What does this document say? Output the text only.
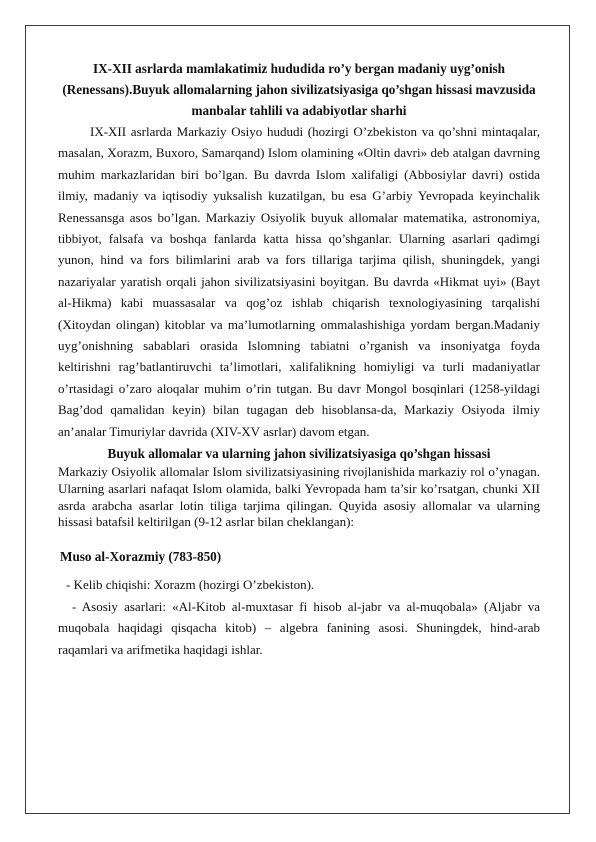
IX-XII asrlarda mamlakatimiz hududida ro’y bergan madaniy uyg’onish (Renessans).Buyuk allomalarning jahon sivilizatsiyasiga qo’shgan hissasi mavzusida manbalar tahlili va adabiyotlar sharhi

IX-XII asrlarda Markaziy Osiyo hududi (hozirgi O’zbekiston va qo’shni mintaqalar, masalan, Xorazm, Buxoro, Samarqand) Islom olamining «Oltin davri» deb atalgan davrning muhim markazlaridan biri bo’lgan. Bu davrda Islom xalifaligi (Abbosiylar davri) ostida ilmiy, madaniy va iqtisodiy yuksalish kuzatilgan, bu esa G’arbiy Yevropada keyinchalik Renessansga asos bo’lgan. Markaziy Osiyolik buyuk allomalar matematika, astronomiya, tibbiyot, falsafa va boshqa fanlarda katta hissa qo’shganlar. Ularning asarlari qadimgi yunon, hind va fors bilimlarini arab va fors tillariga tarjima qilish, shuningdek, yangi nazariyalar yaratish orqali jahon sivilizatsiyasini boyitgan. Bu davrda «Hikmat uyi» (Bayt al-Hikma) kabi muassasalar va qog’oz ishlab chiqarish texnologiyasining tarqalishi (Xitoydan olingan) kitoblar va ma’lumotlarning ommalashishiga yordam bergan.Madaniy uyg’onishning sabablari orasida Islomning tabiatni o’rganish va insoniyatga foyda keltirishni rag’batlantiruvchi ta’limotlari, xalifalikning homiyligi va turli madaniyatlar o’rtasidagi o’zaro aloqalar muhim o’rin tutgan. Bu davr Mongol bosqinlari (1258-yildagi Bag’dod qamalidan keyin) bilan tugagan deb hisoblansa-da, Markaziy Osiyoda ilmiy an’analar Timuriylar davrida (XIV-XV asrlar) davom etgan.

Buyuk allomalar va ularning jahon sivilizatsiyasiga qo’shgan hissasi

Markaziy Osiyolik allomalar Islom sivilizatsiyasining rivojlanishida markaziy rol o’ynagan. Ularning asarlari nafaqat Islom olamida, balki Yevropada ham ta’sir ko’rsatgan, chunki XII asrda arabcha asarlar lotin tiliga tarjima qilingan. Quyida asosiy allomalar va ularning hissasi batafsil keltirilgan (9-12 asrlar bilan cheklangan):

Muso al-Xorazmiy (783-850)

- Kelib chiqishi: Xorazm (hozirgi O’zbekiston).

- Asosiy asarlari: «Al-Kitob al-muxtasar fi hisob al-jabr va al-muqobala» (Aljabr va muqobala haqidagi qisqacha kitob) – algebra fanining asosi. Shuningdek, hind-arab raqamlari va arifmetika haqidagi ishlar.
